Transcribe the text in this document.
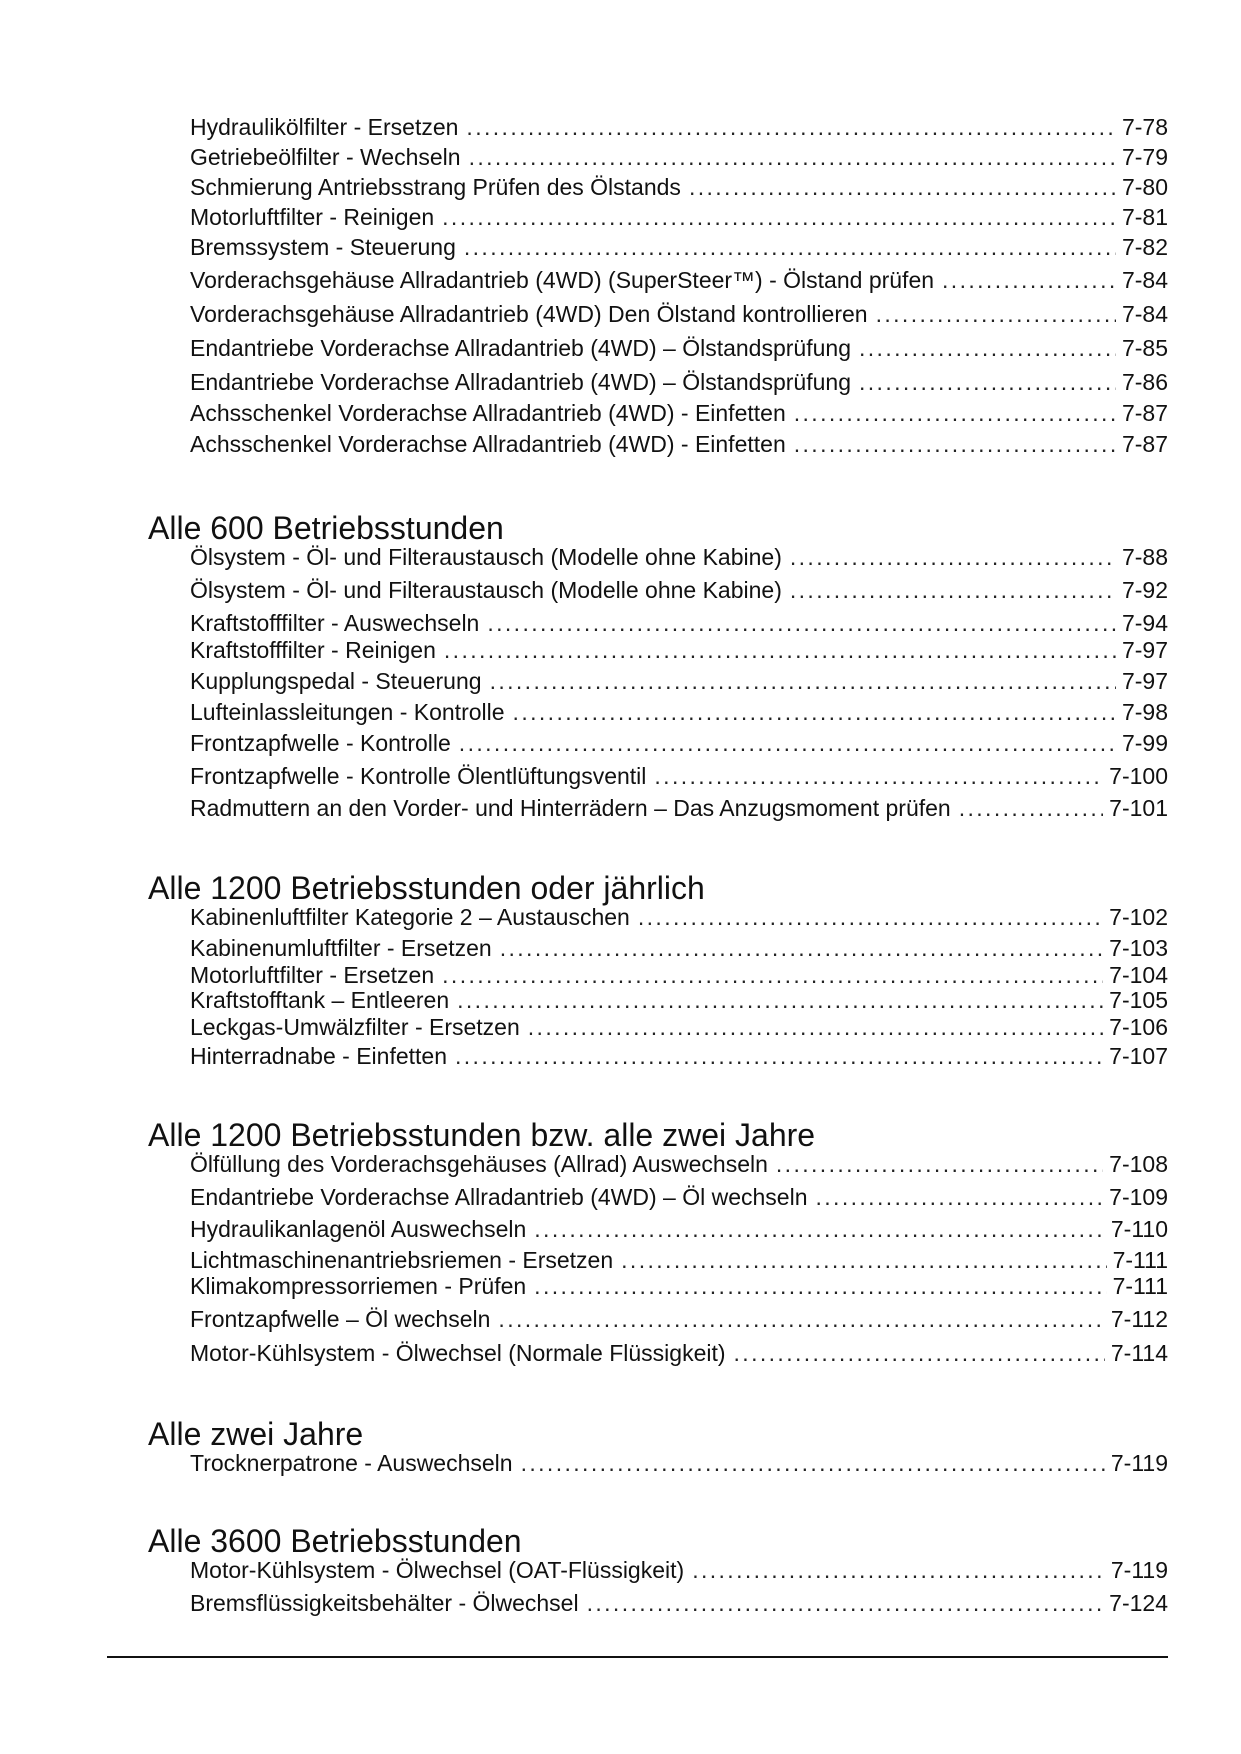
Hydraulikölfilter - Ersetzen . . .	7-78
Getriebeölfilter - Wechseln . . .	7-79
Schmierung Antriebsstrang Prüfen des Ölstands . . .	7-80
Motorluftfilter - Reinigen . . .	7-81
Bremssystem - Steuerung . . .	7-82
Vorderachsgehäuse Allradantrieb (4WD) (SuperSteer™) - Ölstand prüfen . . .	7-84
Vorderachsgehäuse Allradantrieb (4WD) Den Ölstand kontrollieren . . .	7-84
Endantriebe Vorderachse Allradantrieb (4WD) – Ölstandsprüfung . . .	7-85
Endantriebe Vorderachse Allradantrieb (4WD) – Ölstandsprüfung . . .	7-86
Achsschenkel Vorderachse Allradantrieb (4WD) - Einfetten . . .	7-87
Achsschenkel Vorderachse Allradantrieb (4WD) - Einfetten . . .	7-87
Alle 600 Betriebsstunden
Ölsystem - Öl- und Filteraustausch (Modelle ohne Kabine) . . .	7-88
Ölsystem - Öl- und Filteraustausch (Modelle ohne Kabine) . . .	7-92
Kraftstofffilter - Auswechseln . . .	7-94
Kraftstofffilter - Reinigen . . .	7-97
Kupplungspedal - Steuerung . . .	7-97
Lufteinlassleitungen - Kontrolle . . .	7-98
Frontzapfwelle - Kontrolle . . .	7-99
Frontzapfwelle - Kontrolle Ölentlüftungsventil . . .	7-100
Radmuttern an den Vorder- und Hinterrädern – Das Anzugsmoment prüfen . . .	7-101
Alle 1200 Betriebsstunden oder jährlich
Kabinenluftfilter Kategorie 2 – Austauschen . . .	7-102
Kabinenumluftfilter - Ersetzen . . .	7-103
Motorluftfilter - Ersetzen . . .	7-104
Kraftstofftank – Entleeren . . .	7-105
Leckgas-Umwälzfilter - Ersetzen . . .	7-106
Hinterradnabe - Einfetten . . .	7-107
Alle 1200 Betriebsstunden bzw. alle zwei Jahre
Ölfüllung des Vorderachsgehäuses (Allrad) Auswechseln . . .	7-108
Endantriebe Vorderachse Allradantrieb (4WD) – Öl wechseln . . .	7-109
Hydraulikanlagenöl Auswechseln . . .	7-110
Lichtmaschinenantriebsriemen - Ersetzen . . .	7-111
Klimakompressorriemen - Prüfen . . .	7-111
Frontzapfwelle – Öl wechseln . . .	7-112
Motor-Kühlsystem - Ölwechsel (Normale Flüssigkeit) . . .	7-114
Alle zwei Jahre
Trocknerpatrone - Auswechseln . . .	7-119
Alle 3600 Betriebsstunden
Motor-Kühlsystem - Ölwechsel (OAT-Flüssigkeit) . . .	7-119
Bremsflüssigkeitsbehälter - Ölwechsel . . .	7-124
